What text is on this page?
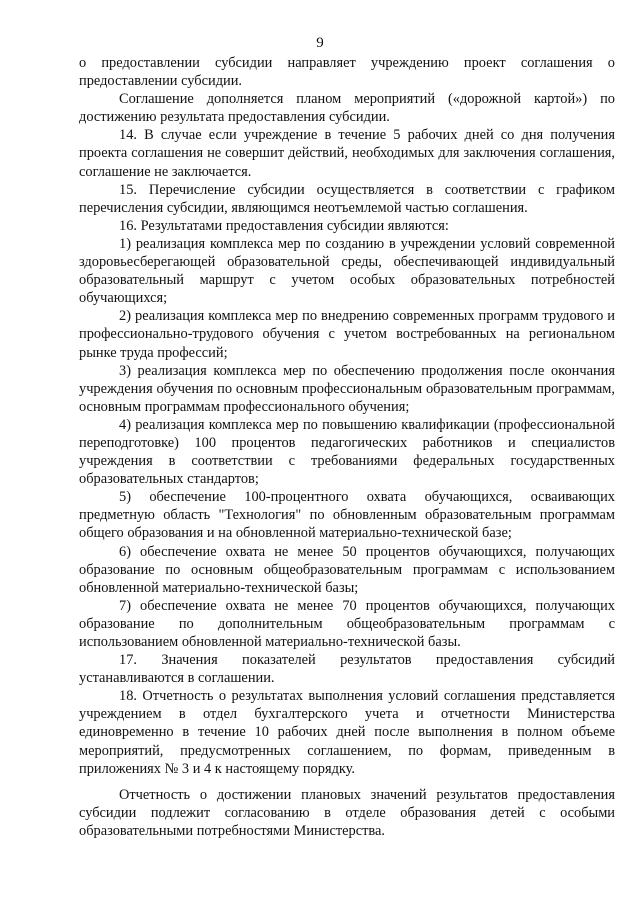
9

о предоставлении субсидии направляет учреждению проект соглашения о предоставлении субсидии.

Соглашение дополняется планом мероприятий («дорожной картой») по достижению результата предоставления субсидии.

14. В случае если учреждение в течение 5 рабочих дней со дня получения проекта соглашения не совершит действий, необходимых для заключения соглашения, соглашение не заключается.

15. Перечисление субсидии осуществляется в соответствии с графиком перечисления субсидии, являющимся неотъемлемой частью соглашения.

16. Результатами предоставления субсидии являются:

1) реализация комплекса мер по созданию в учреждении условий современной здоровьесберегающей образовательной среды, обеспечивающей индивидуальный образовательный маршрут с учетом особых образовательных потребностей обучающихся;

2) реализация комплекса мер по внедрению современных программ трудового и профессионально-трудового обучения с учетом востребованных на региональном рынке труда профессий;

3) реализация комплекса мер по обеспечению продолжения после окончания учреждения обучения по основным профессиональным образовательным программам, основным программам профессионального обучения;

4) реализация комплекса мер по повышению квалификации (профессиональной переподготовке) 100 процентов педагогических работников и специалистов учреждения в соответствии с требованиями федеральных государственных образовательных стандартов;

5) обеспечение 100-процентного охвата обучающихся, осваивающих предметную область "Технология" по обновленным образовательным программам общего образования и на обновленной материально-технической базе;

6) обеспечение охвата не менее 50 процентов обучающихся, получающих образование по основным общеобразовательным программам с использованием обновленной материально-технической базы;

7) обеспечение охвата не менее 70 процентов обучающихся, получающих образование по дополнительным общеобразовательным программам с использованием обновленной материально-технической базы.

17. Значения показателей результатов предоставления субсидий устанавливаются в соглашении.

18. Отчетность о результатах выполнения условий соглашения представляется учреждением в отдел бухгалтерского учета и отчетности Министерства единовременно в течение 10 рабочих дней после выполнения в полном объеме мероприятий, предусмотренных соглашением, по формам, приведенным в приложениях № 3 и 4 к настоящему порядку.

Отчетность о достижении плановых значений результатов предоставления субсидии подлежит согласованию в отделе образования детей с особыми образовательными потребностями Министерства.
